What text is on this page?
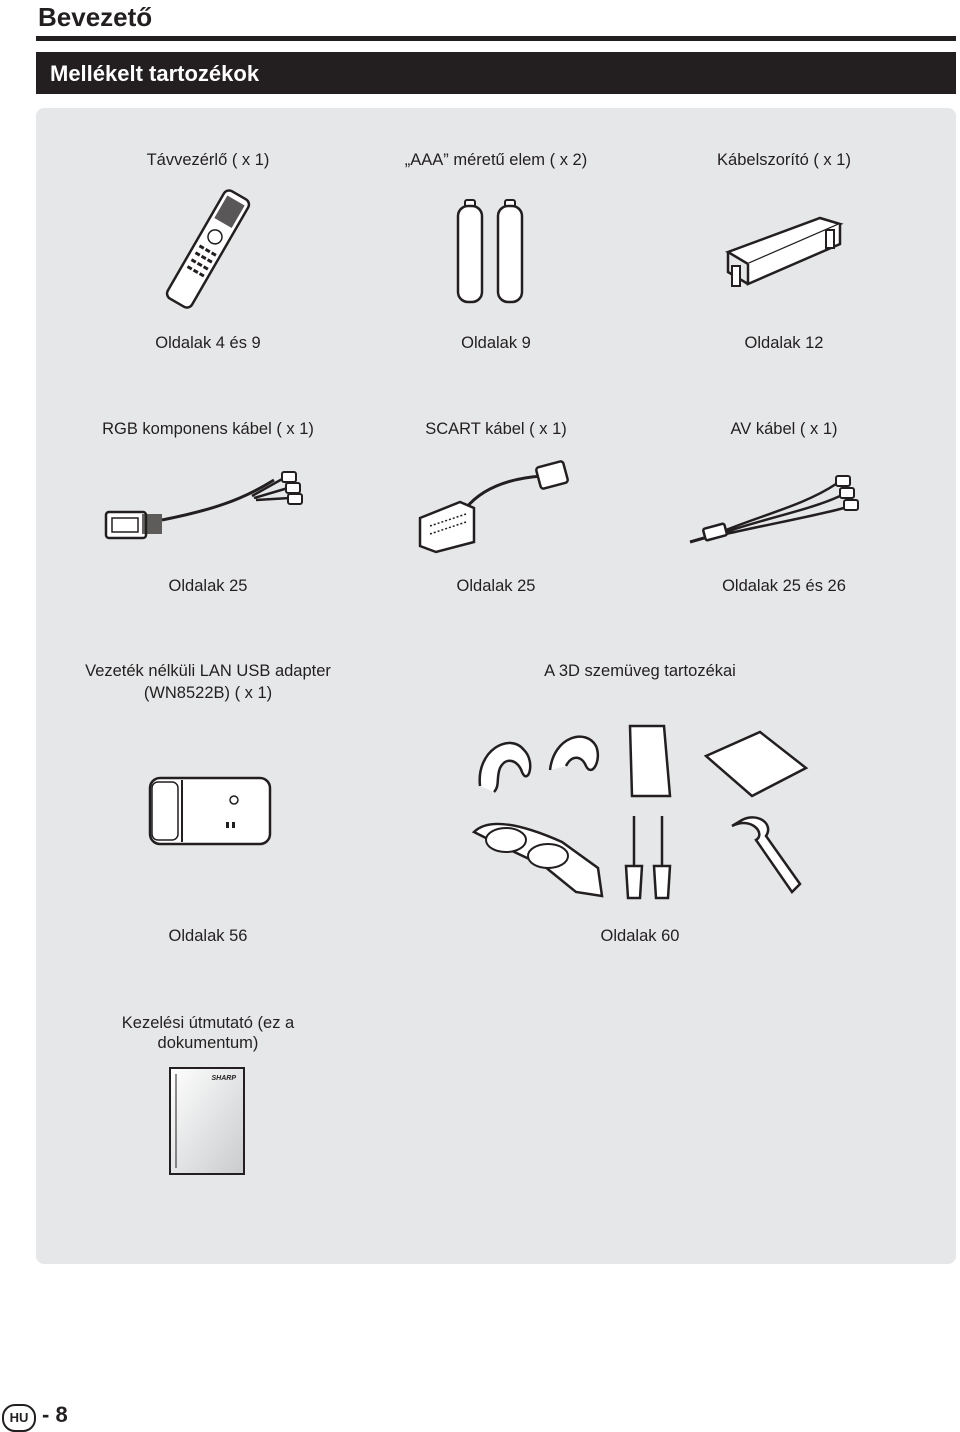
Bevezető
Mellékelt tartozékok
Távvezérlő ( x 1)
Oldalak 4 és 9
„AAA” méretű elem ( x 2)
Oldalak 9
Kábelszorító ( x 1)
Oldalak 12
RGB komponens kábel ( x 1)
Oldalak 25
SCART kábel ( x 1)
Oldalak 25
AV kábel ( x 1)
Oldalak 25 és 26
Vezeték nélküli LAN USB adapter
(WN8522B) ( x 1)
Oldalak 56
A 3D szemüveg tartozékai
Oldalak 60
Kezelési útmutató (ez a
dokumentum)
SHARP
HU - 8
